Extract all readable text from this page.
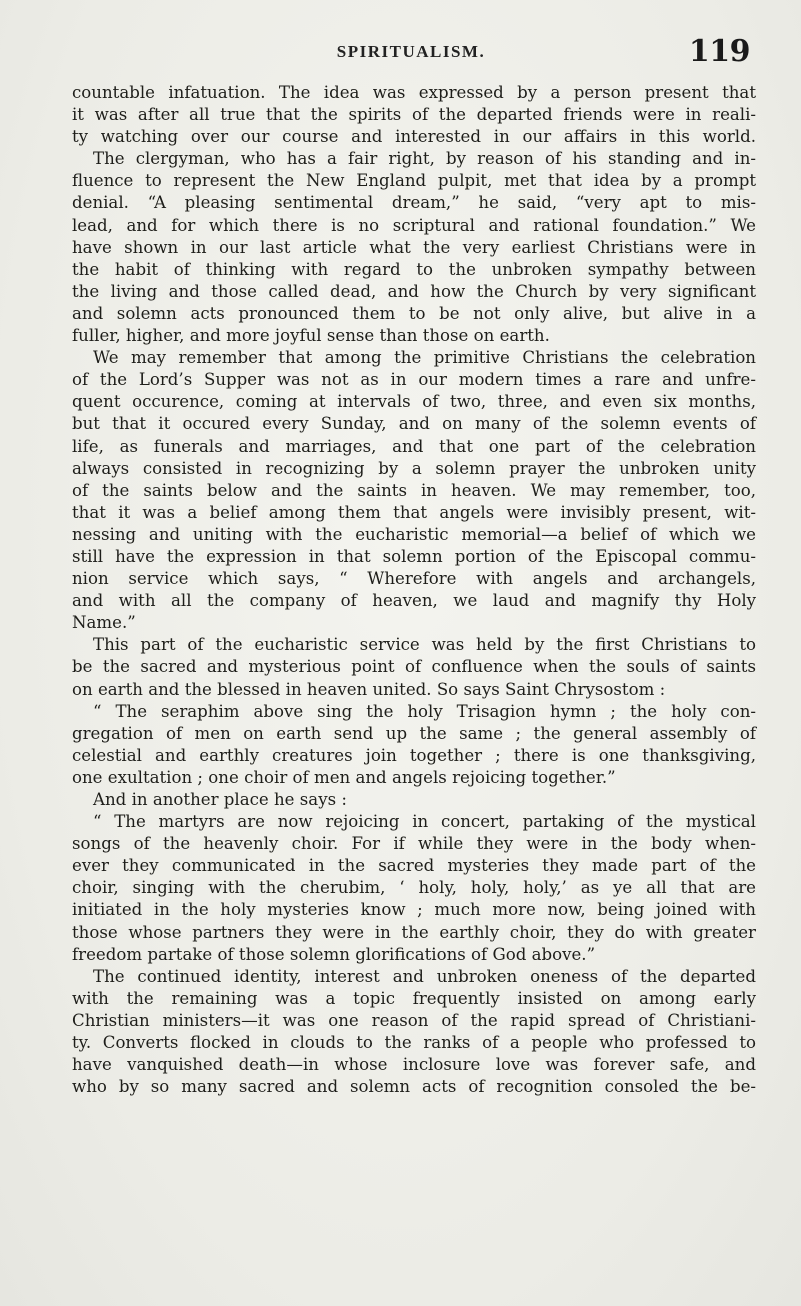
SPIRITUALISM.	119
countable infatuation. The idea was expressed by a person present that
it was after all true that the spirits of the departed friends were in reali-
ty watching over our course and interested in our affairs in this world.
The clergyman, who has a fair right, by reason of his standing and in-
fluence to represent the New England pulpit, met that idea by a prompt
denial. “A pleasing sentimental dream,” he said, “very apt to mis-
lead, and for which there is no scriptural and rational foundation.” We
have shown in our last article what the very earliest Christians were in
the habit of thinking with regard to the unbroken sympathy between
the living and those called dead, and how the Church by very significant
and solemn acts pronounced them to be not only alive, but alive in a
fuller, higher, and more joyful sense than those on earth.
We may remember that among the primitive Christians the celebration
of the Lord’s Supper was not as in our modern times a rare and unfre-
quent occurence, coming at intervals of two, three, and even six months,
but that it occured every Sunday, and on many of the solemn events of
life, as funerals and marriages, and that one part of the celebration
always consisted in recognizing by a solemn prayer the unbroken unity
of the saints below and the saints in heaven. We may remember, too,
that it was a belief among them that angels were invisibly present, wit-
nessing and uniting with the eucharistic memorial—a belief of which we
still have the expression in that solemn portion of the Episcopal commu-
nion service which says, “ Wherefore with angels and archangels,
and with all the company of heaven, we laud and magnify thy Holy
Name.”
This part of the eucharistic service was held by the first Christians to
be the sacred and mysterious point of confluence when the souls of saints
on earth and the blessed in heaven united. So says Saint Chrysostom :
“ The seraphim above sing the holy Trisagion hymn ; the holy con-
gregation of men on earth send up the same ; the general assembly of
celestial and earthly creatures join together ; there is one thanksgiving,
one exultation ; one choir of men and angels rejoicing together.”
And in another place he says :
“ The martyrs are now rejoicing in concert, partaking of the mystical
songs of the heavenly choir. For if while they were in the body when-
ever they communicated in the sacred mysteries they made part of the
choir, singing with the cherubim, ‘ holy, holy, holy,’ as ye all that are
initiated in the holy mysteries know ; much more now, being joined with
those whose partners they were in the earthly choir, they do with greater
freedom partake of those solemn glorifications of God above.”
The continued identity, interest and unbroken oneness of the departed
with the remaining was a topic frequently insisted on among early
Christian ministers—it was one reason of the rapid spread of Christiani-
ty. Converts flocked in clouds to the ranks of a people who professed to
have vanquished death—in whose inclosure love was forever safe, and
who by so many sacred and solemn acts of recognition consoled the be-
